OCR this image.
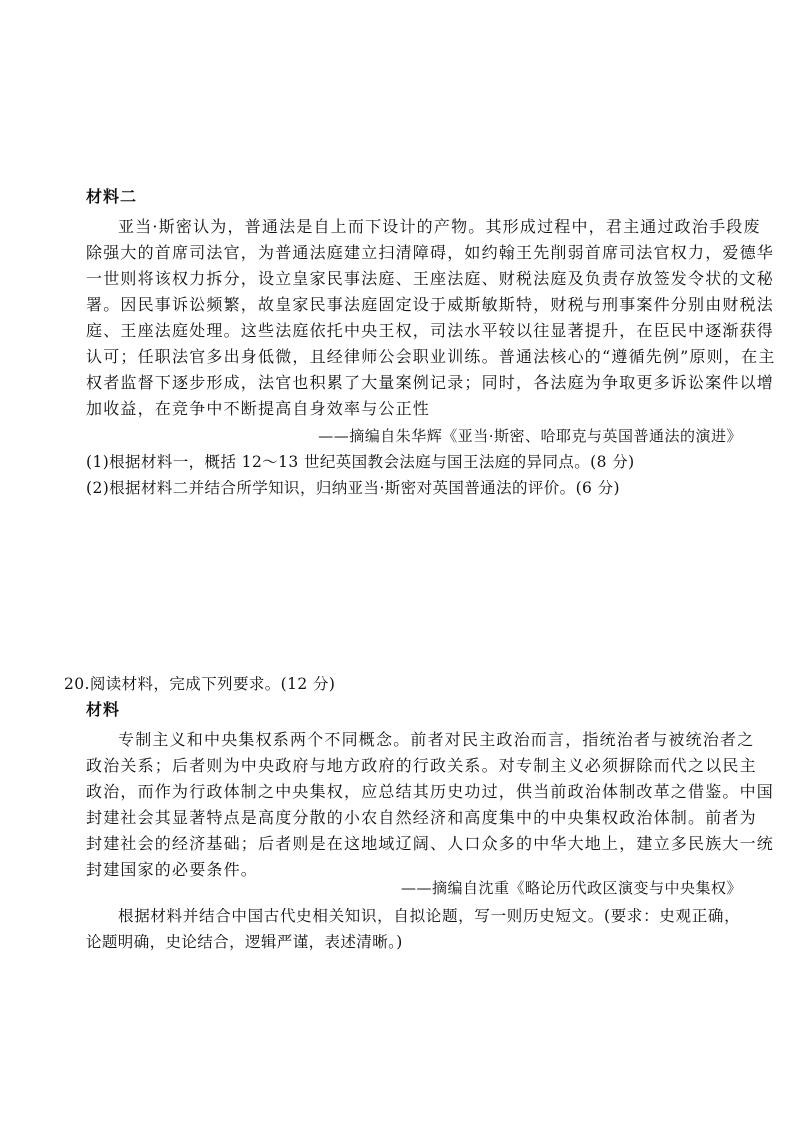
材料二
亚当·斯密认为，普通法是自上而下设计的产物。其形成过程中，君主通过政治手段废
除强大的首席司法官，为普通法庭建立扫清障碍，如约翰王先削弱首席司法官权力，爱德华
一世则将该权力拆分，设立皇家民事法庭、王座法庭、财税法庭及负责存放签发令状的文秘
署。因民事诉讼频繁，故皇家民事法庭固定设于威斯敏斯特，财税与刑事案件分别由财税法
庭、王座法庭处理。这些法庭依托中央王权，司法水平较以往显著提升，在臣民中逐渐获得
认可；任职法官多出身低微，且经律师公会职业训练。普通法核心的“遵循先例”原则，在主
权者监督下逐步形成，法官也积累了大量案例记录；同时，各法庭为争取更多诉讼案件以增
加收益，在竞争中不断提高自身效率与公正性
——摘编自朱华辉《亚当·斯密、哈耶克与英国普通法的演进》
(1)根据材料一，概括 12～13 世纪英国教会法庭与国王法庭的异同点。(8 分)
(2)根据材料二并结合所学知识，归纳亚当·斯密对英国普通法的评价。(6 分)
20.阅读材料，完成下列要求。(12 分)
材料
专制主义和中央集权系两个不同概念。前者对民主政治而言，指统治者与被统治者之
政治关系；后者则为中央政府与地方政府的行政关系。对专制主义必须摒除而代之以民主
政治，而作为行政体制之中央集权，应总结其历史功过，供当前政治体制改革之借鉴。中国
封建社会其显著特点是高度分散的小农自然经济和高度集中的中央集权政治体制。前者为
封建社会的经济基础；后者则是在这地域辽阔、人口众多的中华大地上，建立多民族大一统
封建国家的必要条件。
——摘编自沈重《略论历代政区演变与中央集权》
根据材料并结合中国古代史相关知识，自拟论题，写一则历史短文。(要求：史观正确，
论题明确，史论结合，逻辑严谨，表述清晰。)
